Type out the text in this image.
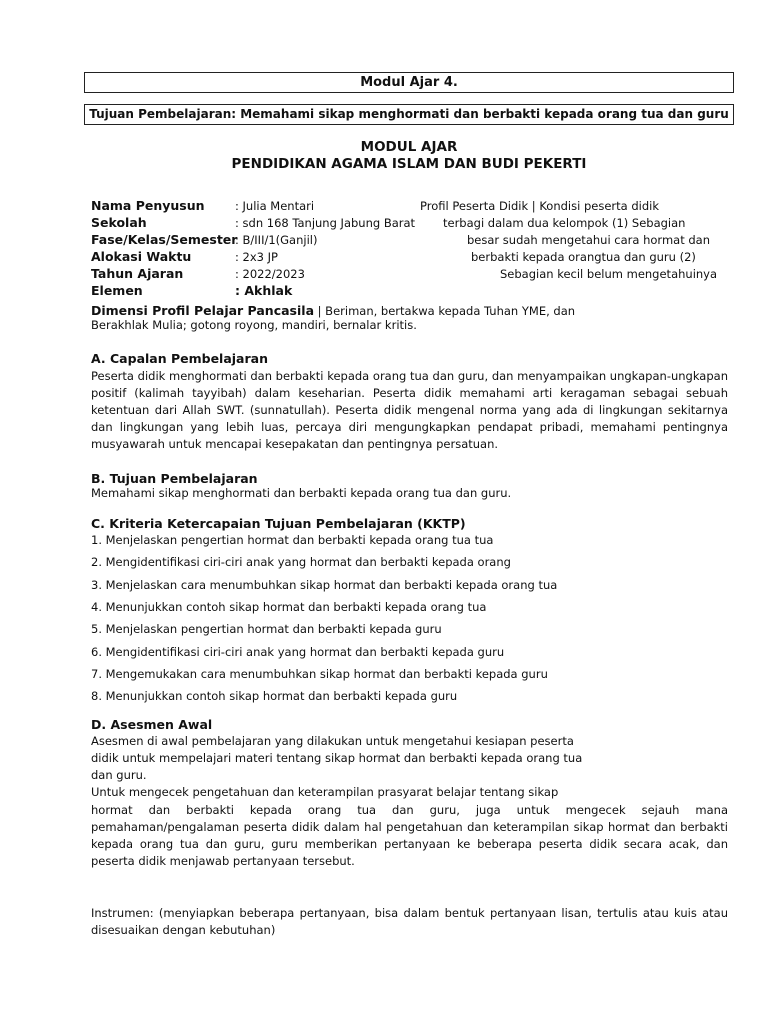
Modul Ajar 4.
Tujuan Pembelajaran: Memahami sikap menghormati dan berbakti kepada orang tua dan guru
MODUL AJAR
PENDIDIKAN AGAMA ISLAM DAN BUDI PEKERTI
Nama Penyusun	: Julia Mentari
Sekolah	: sdn 168 Tanjung Jabung Barat
Fase/Kelas/Semester
: B/III/1(Ganjil)
Alokasi Waktu	: 2x3 JP
Tahun Ajaran	: 2022/2023
Elemen	: Akhlak
Profil Peserta Didik | Kondisi peserta didik
terbagi dalam dua kelompok (1) Sebagian
besar sudah mengetahui cara hormat dan
berbakti kepada orangtua dan guru (2)
Sebagian kecil belum mengetahuinya
Dimensi Profil Pelajar Pancasila | Beriman, bertakwa kepada Tuhan YME, dan
Berakhlak Mulia; gotong royong, mandiri, bernalar kritis.
A. Capalan Pembelajaran
Peserta didik menghormati dan berbakti kepada orang tua dan guru, dan menyampaikan ungkapan-ungkapan positif (kalimah tayyibah) dalam keseharian. Peserta didik memahami arti keragaman sebagai sebuah ketentuan dari Allah SWT. (sunnatullah). Peserta didik mengenal norma yang ada di lingkungan sekitarnya dan lingkungan yang lebih luas, percaya diri mengungkapkan pendapat pribadi, memahami pentingnya musyawarah untuk mencapai kesepakatan dan pentingnya persatuan.
B. Tujuan Pembelajaran
Memahami sikap menghormati dan berbakti kepada orang tua dan guru.
C. Kriteria Ketercapaian Tujuan Pembelajaran (KKTP)
1. Menjelaskan pengertian hormat dan berbakti kepada orang tua tua
2. Mengidentifikasi ciri-ciri anak yang hormat dan berbakti kepada orang
3. Menjelaskan cara menumbuhkan sikap hormat dan berbakti kepada orang tua
4. Menunjukkan contoh sikap hormat dan berbakti kepada orang tua
5. Menjelaskan pengertian hormat dan berbakti kepada guru
6. Mengidentifikasi ciri-ciri anak yang hormat dan berbakti kepada guru
7. Mengemukakan cara menumbuhkan sikap hormat dan berbakti kepada guru
8. Menunjukkan contoh sikap hormat dan berbakti kepada guru
D. Asesmen Awal
Asesmen di awal pembelajaran yang dilakukan untuk mengetahui kesiapan peserta
didik untuk mempelajari materi tentang sikap hormat dan berbakti kepada orang tua
dan guru.
Untuk mengecek pengetahuan dan keterampilan prasyarat belajar tentang sikap
hormat dan berbakti kepada orang tua dan guru, juga untuk mengecek sejauh mana pemahaman/pengalaman peserta didik dalam hal pengetahuan dan keterampilan sikap hormat dan berbakti kepada orang tua dan guru, guru memberikan pertanyaan ke beberapa peserta didik secara acak, dan peserta didik menjawab pertanyaan tersebut.
Instrumen: (menyiapkan beberapa pertanyaan, bisa dalam bentuk pertanyaan lisan, tertulis atau kuis atau disesuaikan dengan kebutuhan)
